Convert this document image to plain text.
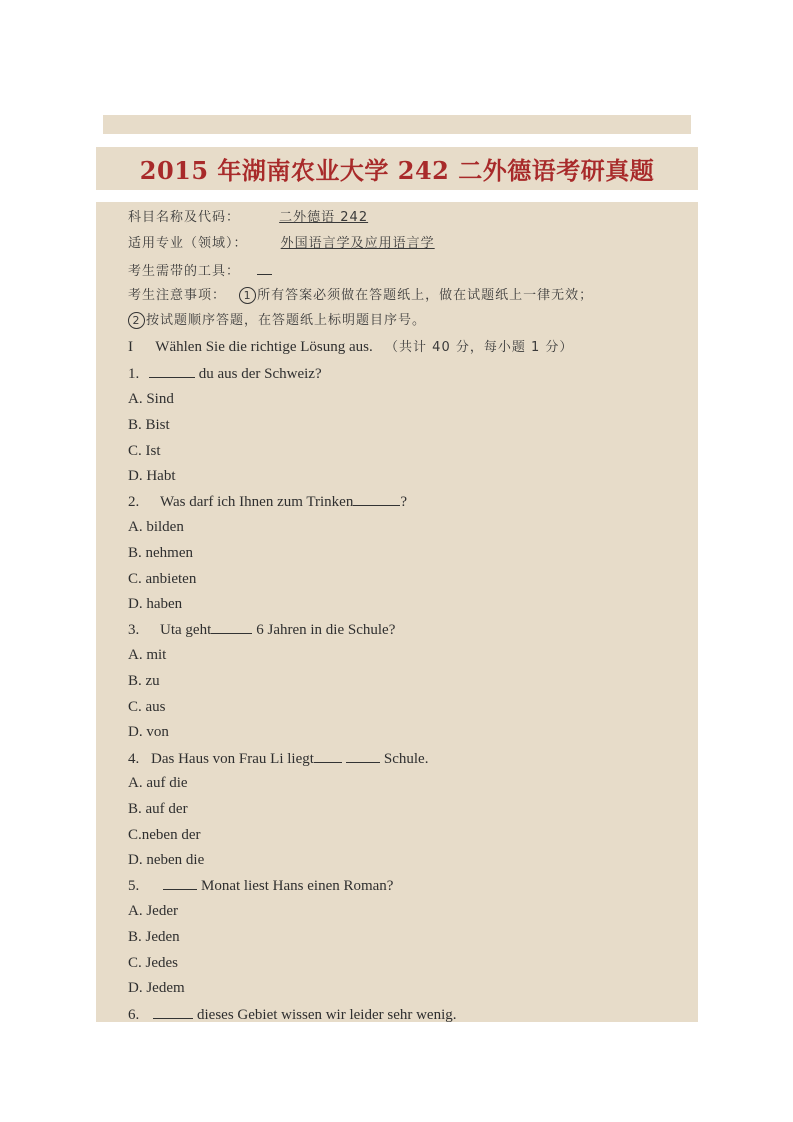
2015 年湖南农业大学 242 二外德语考研真题
科目名称及代码：	二外德语 242
适用专业（领域）：	外国语言学及应用语言学
考生需带的工具：
考生注意事项： 1 所有答案必须做在答题纸上，做在试题纸上一律无效；
2 按试题顺序答题，在答题纸上标明题目序号。
I Wählen Sie die richtige Lösung aus. （共计 40 分，每小题 1 分）
1.	du aus der Schweiz?
A. Sind
B. Bist
C. Ist
D. Habt
2. Was darf ich Ihnen zum Trinken	?
A. bilden
B. nehmen
C. anbieten
D. haben
3. Uta geht	6 Jahren in die Schule?
A. mit
B. zu
C. aus
D. von
4. Das Haus von Frau Li liegt	Schule.
A. auf die
B. auf der
C.neben der
D. neben die
5.	Monat liest Hans einen Roman?
A. Jeder
B. Jeden
C. Jedes
D. Jedem
6.	dieses Gebiet wissen wir leider sehr wenig.
